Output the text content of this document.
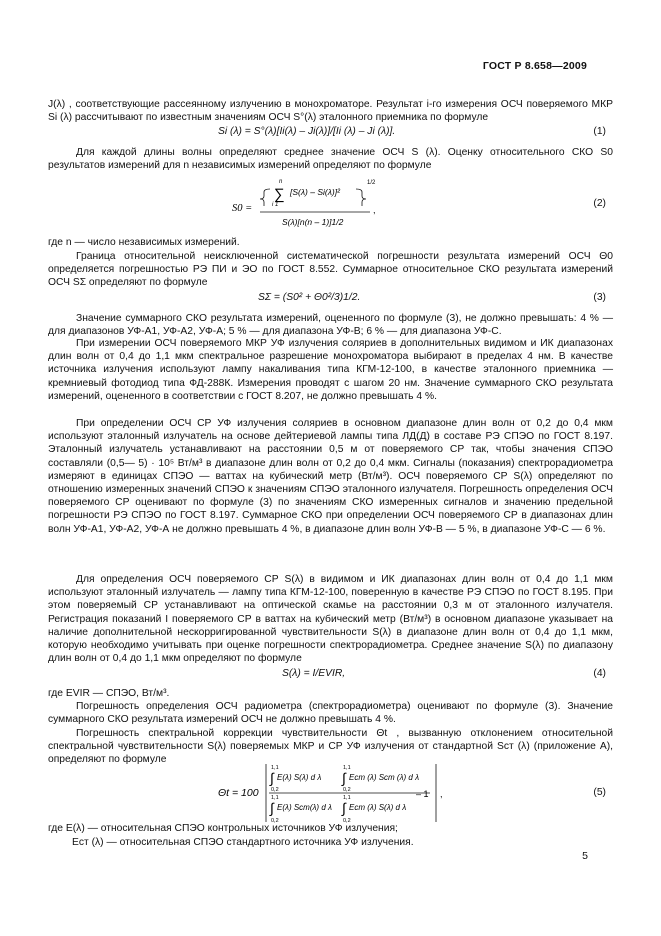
ГОСТ Р 8.658—2009

J(λ) , соответствующие рассеянному излучению в монохроматоре. Результат i-го измерения ОСЧ поверяемого МКР Si (λ) рассчитывают по известным значениям ОСЧ S°(λ) эталонного приемника по формуле

Si (λ) = S°(λ)[Ii(λ) – Ji(λ)]/[Ii (λ) – Ji (λ)].	(1)

Для каждой длины волны определяют среднее значение ОСЧ S (λ). Оценку относительного СКО S0 результатов измерений для n независимых измерений определяют по формуле

S0 =
n
∑
i 1
[S(λ) – Si(λ)]²
1/2
S(λ)[n(n – 1)]1/2
,
(2)

где n — число независимых измерений.

Граница относительной неисключенной систематической погрешности результата измерений ОСЧ Θ0 определяется погрешностью РЭ ПИ и ЭО по ГОСТ 8.552. Суммарное относительное СКО результата измерений ОСЧ SΣ определяют по формуле

SΣ = (S0² + Θ0²/3)1/2.	(3)

Значение суммарного СКО результата измерений, оцененного по формуле (3), не должно превышать: 4 % — для диапазонов УФ-А1, УФ-А2, УФ-А; 5 % — для диапазона УФ-В; 6 % — для диапазона УФ-С.

При измерении ОСЧ поверяемого МКР УФ излучения соляриев в дополнительных видимом и ИК диапазонах длин волн от 0,4 до 1,1 мкм спектральное разрешение монохроматора выбирают в пределах 4 нм. В качестве источника излучения используют лампу накаливания типа КГМ-12-100, в качестве эталонного приемника — кремниевый фотодиод типа ФД-288К. Измерения проводят с шагом 20 нм. Значение суммарного СКО результата измерений, оцененного в соответствии с ГОСТ 8.207, не должно превышать 4 %.

При определении ОСЧ СР УФ излучения соляриев в основном диапазоне длин волн от 0,2 до 0,4 мкм используют эталонный излучатель на основе дейтериевой лампы типа ЛД(Д) в составе РЭ СПЭО по ГОСТ 8.197. Эталонный излучатель устанавливают на расстоянии 0,5 м от поверяемого СР так, чтобы значения СПЭО составляли (0,5— 5) · 10⁵ Вт/м³ в диапазоне длин волн от 0,2 до 0,4 мкм. Сигналы (показания) спектрорадиометра измеряют в единицах СПЭО — ваттах на кубический метр (Вт/м³). ОСЧ поверяемого СР S(λ) определяют по отношению измеренных значений СПЭО к значениям СПЭО эталонного излучателя. Погрешность определения ОСЧ поверяемого СР оценивают по формуле (3) по значениям СКО измеренных сигналов и значению предельной погрешности РЭ СПЭО по ГОСТ 8.197. Суммарное СКО при определении ОСЧ поверяемого СР в диапазонах длин волн УФ-А1, УФ-А2, УФ-А не должно превышать 4 %, в диапазоне длин волн УФ-В — 5 %, в диапазоне УФ-С — 6 %.

Для определения ОСЧ поверяемого СР S(λ) в видимом и ИК диапазонах длин волн от 0,4 до 1,1 мкм используют эталонный излучатель — лампу типа КГМ-12-100, поверенную в качестве РЭ СПЭО по ГОСТ 8.195. При этом поверяемый СР устанавливают на оптической скамье на расстоянии 0,3 м от эталонного излучателя. Регистрация показаний I поверяемого СР в ваттах на кубический метр (Вт/м³) в основном диапазоне указывает на наличие дополнительной нескорригированной чувствительности S(λ) в диапазоне длин волн от 0,4 до 1,1 мкм, которую необходимо учитывать при оценке погрешности спектрорадиометра. Среднее значение S(λ) по диапазону длин волн от 0,4 до 1,1 мкм определяют по формуле

S(λ) = I/EVIR,	(4)

где EVIR — СПЭО, Вт/м³.

Погрешность определения ОСЧ радиометра (спектрорадиометра) оценивают по формуле (3). Значение суммарного СКО результата измерений ОСЧ не должно превышать 4 %.

Погрешность спектральной коррекции чувствительности Θt , вызванную отклонением относительной спектральной чувствительности S(λ) поверяемых МКР и СР УФ излучения от стандартной Sст (λ) (приложение А), определяют по формуле

Θt = 100
1,1
∫
0,2
E(λ) S(λ) d λ
1,1
∫
0,2
Eст (λ) Sст (λ) d λ
1,1
∫
0,2
E(λ) Sст(λ) d λ
1,1
∫
0,2
Eст (λ) S(λ) d λ
– 1 ,	(5)

где E(λ) — относительная СПЭО контрольных источников УФ излучения;

Eст (λ) — относительная СПЭО стандартного источника УФ излучения.

5
